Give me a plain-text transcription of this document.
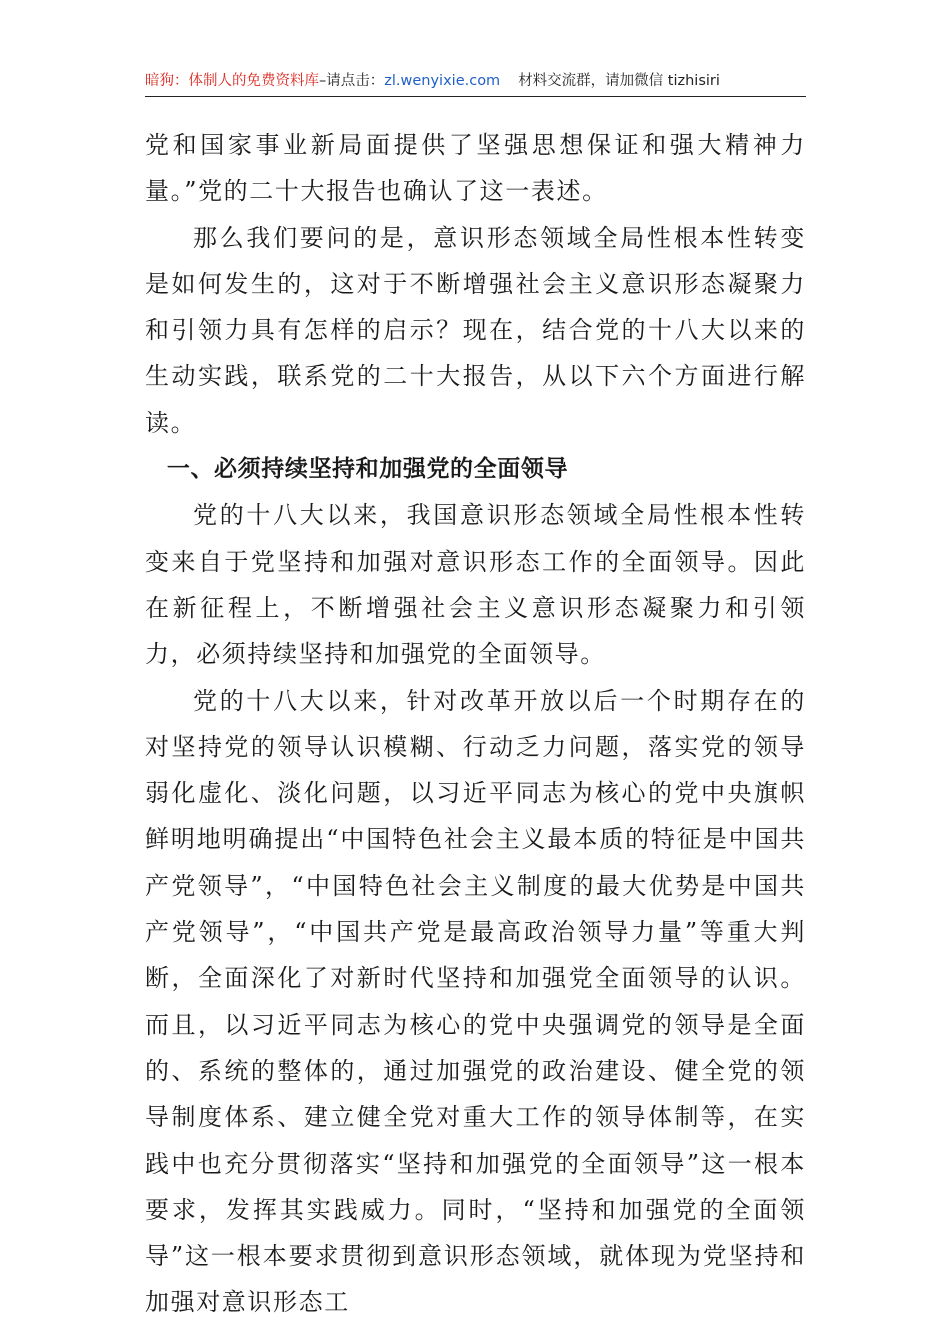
暗狗：体制人的免费资料库–请点击：zl.wenyixie.com 材料交流群，请加微信 tizhisiri

党和国家事业新局面提供了坚强思想保证和强大精神力量。”党的二十大报告也确认了这一表述。

那么我们要问的是，意识形态领域全局性根本性转变是如何发生的，这对于不断增强社会主义意识形态凝聚力和引领力具有怎样的启示？现在，结合党的十八大以来的生动实践，联系党的二十大报告，从以下六个方面进行解读。

一、必须持续坚持和加强党的全面领导

党的十八大以来，我国意识形态领域全局性根本性转变来自于党坚持和加强对意识形态工作的全面领导。因此在新征程上，不断增强社会主义意识形态凝聚力和引领力，必须持续坚持和加强党的全面领导。

党的十八大以来，针对改革开放以后一个时期存在的对坚持党的领导认识模糊、行动乏力问题，落实党的领导弱化虚化、淡化问题，以习近平同志为核心的党中央旗帜鲜明地明确提出“中国特色社会主义最本质的特征是中国共产党领导”，“中国特色社会主义制度的最大优势是中国共产党领导”，“中国共产党是最高政治领导力量”等重大判断，全面深化了对新时代坚持和加强党全面领导的认识。而且，以习近平同志为核心的党中央强调党的领导是全面的、系统的整体的，通过加强党的政治建设、健全党的领导制度体系、建立健全党对重大工作的领导体制等，在实践中也充分贯彻落实“坚持和加强党的全面领导”这一根本要求，发挥其实践威力。同时，“坚持和加强党的全面领导”这一根本要求贯彻到意识形态领域，就体现为党坚持和加强对意识形态工
